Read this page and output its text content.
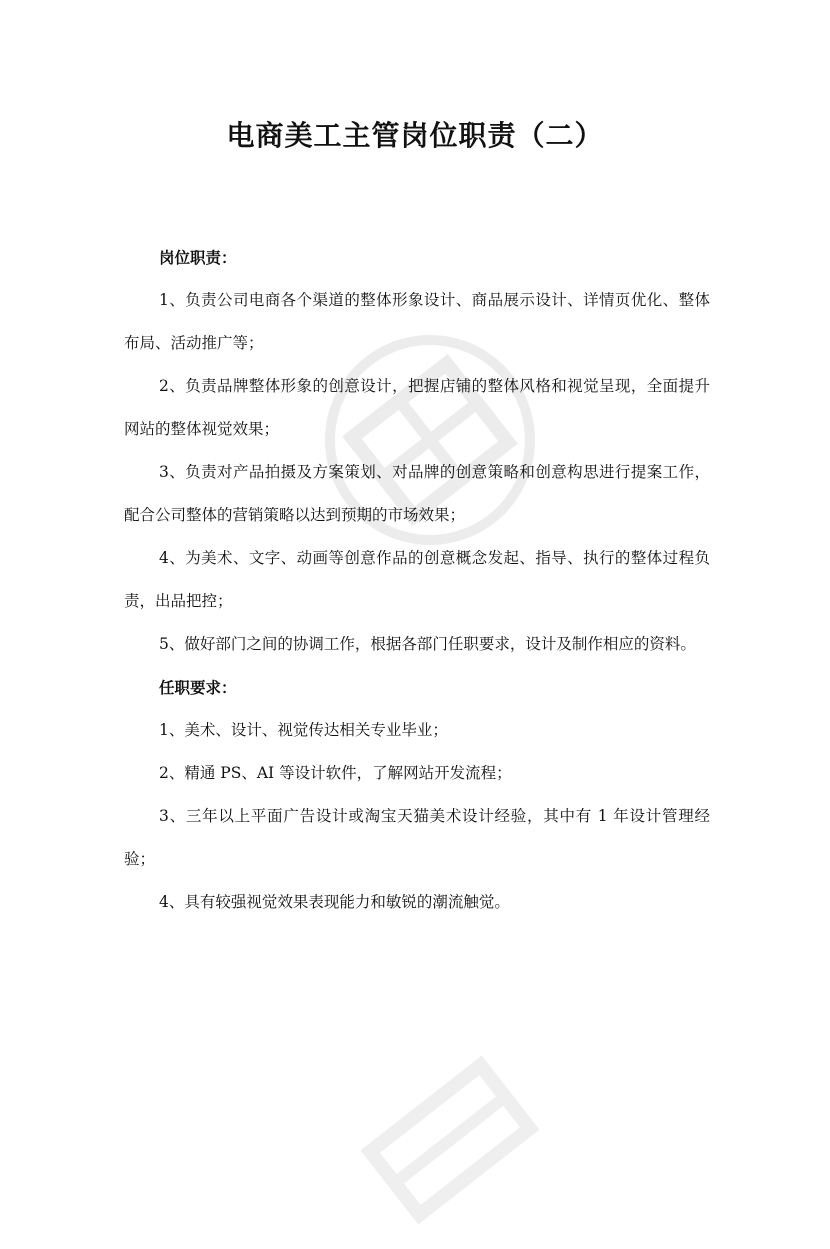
电商美工主管岗位职责（二）

岗位职责：

1、负责公司电商各个渠道的整体形象设计、商品展示设计、详情页优化、整体布局、活动推广等；

2、负责品牌整体形象的创意设计，把握店铺的整体风格和视觉呈现，全面提升网站的整体视觉效果；

3、负责对产品拍摄及方案策划、对品牌的创意策略和创意构思进行提案工作，配合公司整体的营销策略以达到预期的市场效果；

4、为美术、文字、动画等创意作品的创意概念发起、指导、执行的整体过程负责，出品把控；

5、做好部门之间的协调工作，根据各部门任职要求，设计及制作相应的资料。

任职要求：

1、美术、设计、视觉传达相关专业毕业；

2、精通 PS、AI 等设计软件，了解网站开发流程；

3、三年以上平面广告设计或淘宝天猫美术设计经验，其中有 1 年设计管理经验；

4、具有较强视觉效果表现能力和敏锐的潮流触觉。
